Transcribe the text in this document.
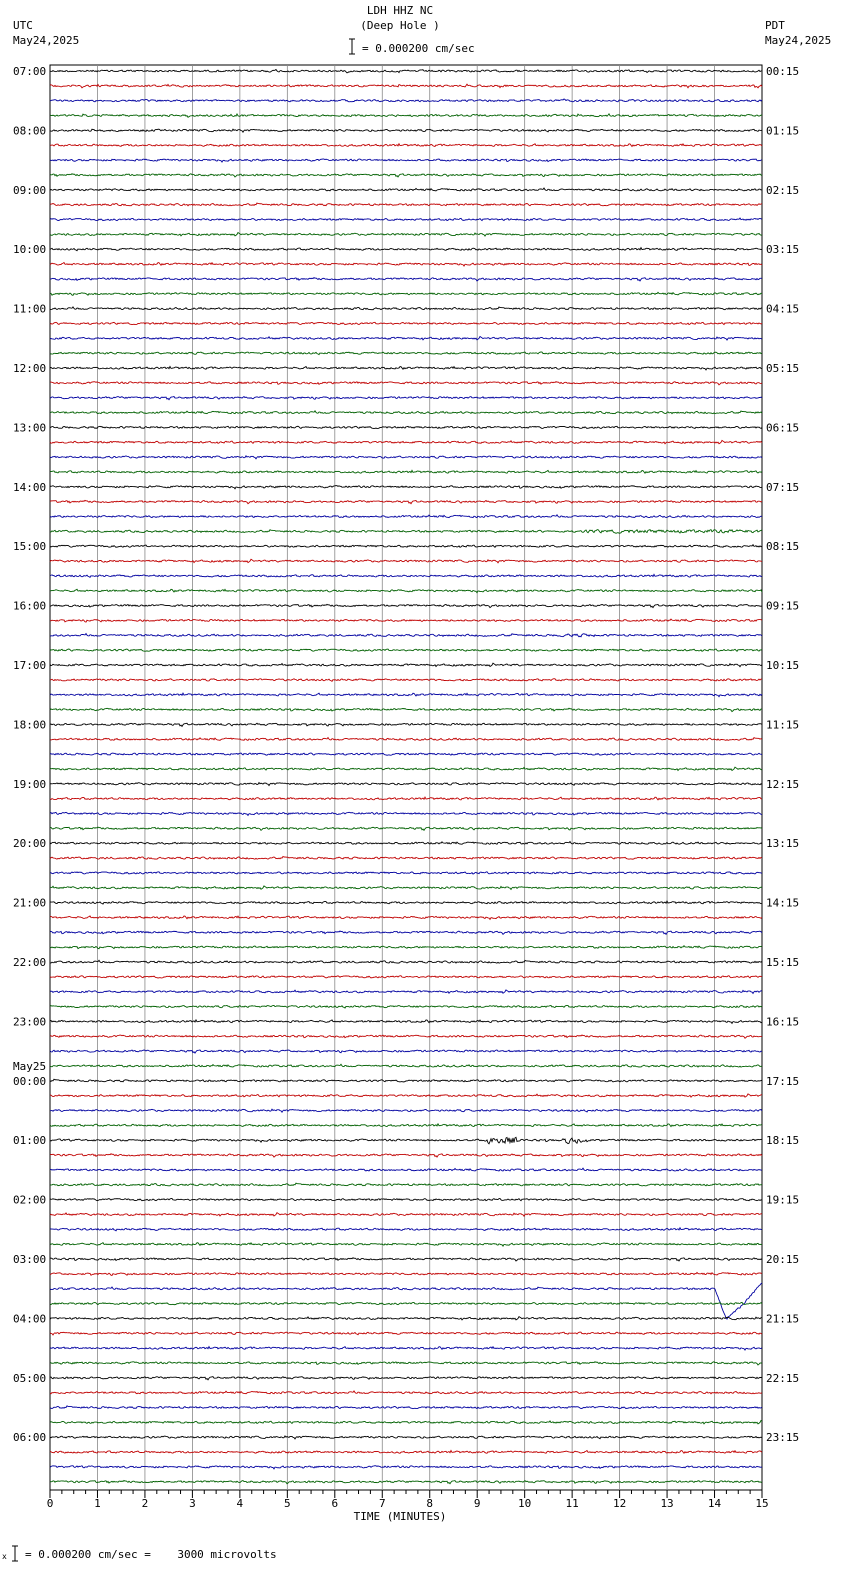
LDH HHZ NC
(Deep Hole )
UTC
May24,2025
PDT
May24,2025
= 0.000200 cm/sec
x = 0.000200 cm/sec =    3000 microvolts
07:00	00:15
08:00	01:15
09:00	02:15
10:00	03:15
11:00	04:15
12:00	05:15
13:00	06:15
14:00	07:15
15:00	08:15
16:00	09:15
17:00	10:15
18:00	11:15
19:00	12:15
20:00	13:15
21:00	14:15
22:00	15:15
23:00	16:15
00:00	17:15
01:00	18:15
02:00	19:15
03:00	20:15
04:00	21:15
05:00	22:15
06:00	23:15
May25
0	1	2	3	4	5	6	7	8	9	10	11	12	13	14	15
TIME (MINUTES)
